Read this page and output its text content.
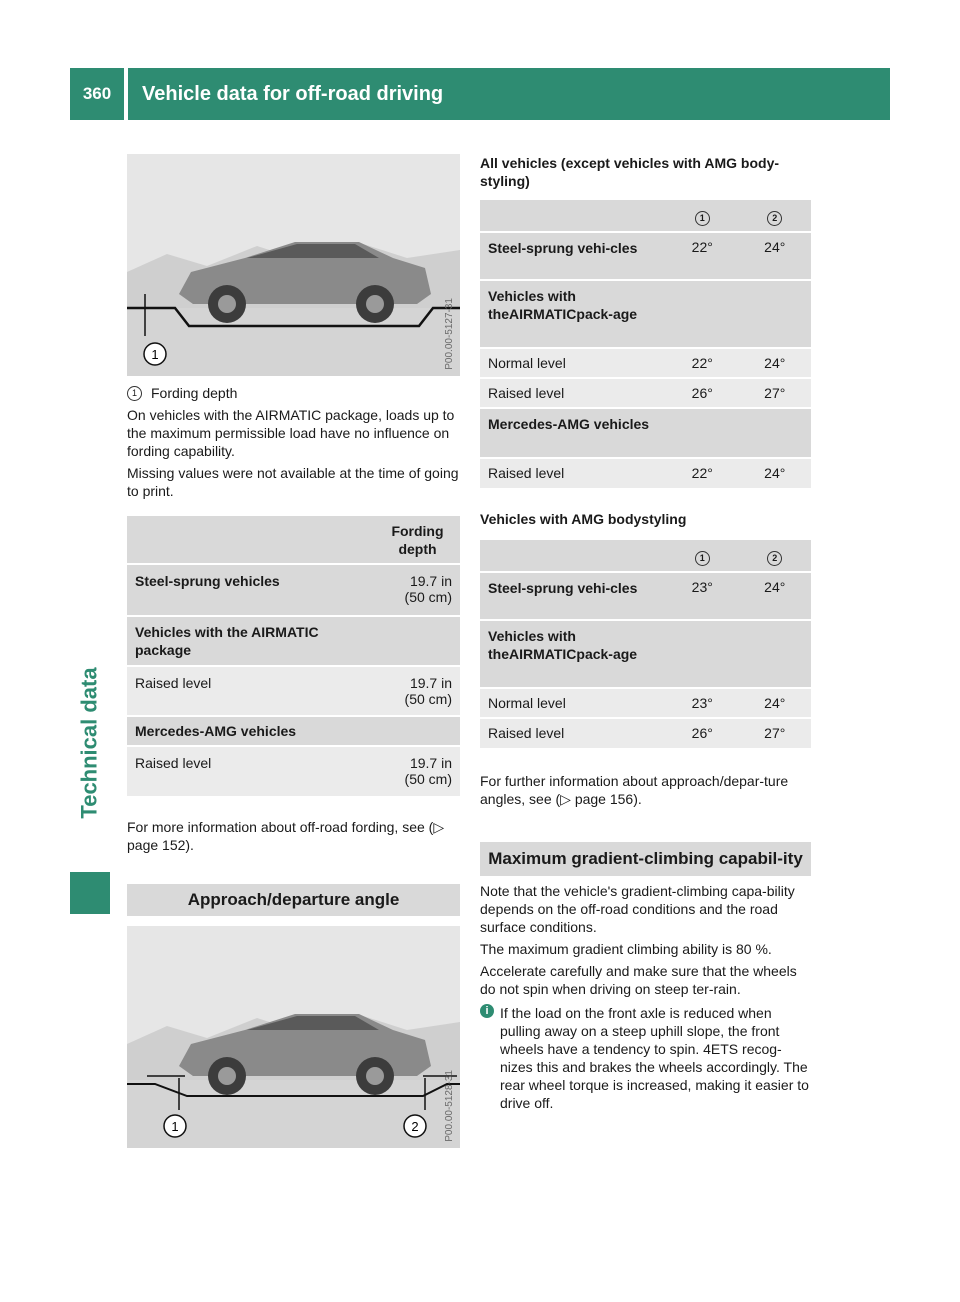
360	Vehicle data for off-road driving
Technical data
1	P00.00-5127-31

1	Fording depth

On vehicles with the AIRMATIC package, loads up to the maximum permissible load have no influence on fording capability.

Missing values were not available at the time of going to print.

	Fording depth
Steel-sprung vehicles	19.7 in
(50 cm)
Vehicles with the AIRMATIC package	
Raised level	19.7 in
(50 cm)
Mercedes-AMG vehicles	
Raised level	19.7 in
(50 cm)

For more information about off-road fording, see (▷ page 152).

Approach/departure angle
1	2	P00.00-5128-31

All vehicles (except vehicles with AMG body-styling)

	1	2
Steel-sprung vehi-cles	22°	24°
Vehicles with theAIRMATICpack-age		
Normal level	22°	24°
Raised level	26°	27°
Mercedes-AMG vehicles		
Raised level	22°	24°

Vehicles with AMG bodystyling

	1	2
Steel-sprung vehi-cles	23°	24°
Vehicles with theAIRMATICpack-age		
Normal level	23°	24°
Raised level	26°	27°

For further information about approach/depar-ture angles, see (▷ page 156).

Maximum gradient-climbing capabil-ity

Note that the vehicle's gradient-climbing capa-bility depends on the off-road conditions and the road surface conditions.

The maximum gradient climbing ability is 80 %.

Accelerate carefully and make sure that the wheels do not spin when driving on steep ter-rain.

i If the load on the front axle is reduced when pulling away on a steep uphill slope, the front wheels have a tendency to spin. 4ETS recog-nizes this and brakes the wheels accordingly. The rear wheel torque is increased, making it easier to drive off.
